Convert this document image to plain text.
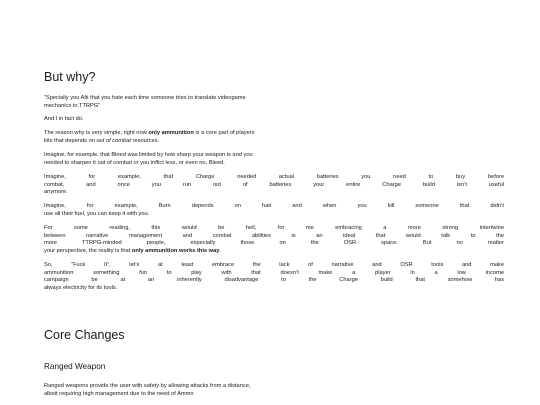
But why?

“Specially you Alti that you hate each time someone tries to translate videogame
mechanics to TTRPG”

And I in fact do.

The reason why is very simple, right now only ammunition is a core part of players
kits that depends on out of combat resources.

Imagine, for example, that Bleed was limited by how sharp your weapon is and you
needed to sharpen it out of combat or you inflict less, or even no, Bleed.

Imagine, for example, that Charge needed actual batteries you need to buy before
combat, and once you run out of batteries your entire Charge build isn’t useful
anymore.

Imagine, for example, Burn depends on fuel and when you kill someone that didn’t
use all their fuel, you can keep it with you.

For some reading, this would be hell, for me embracing a more strong intertwine
between narrative management and combat abilities is an ideal that would talk to the
more TTRPG-minded people, especially those on the OSR space. But no matter
your perspective, the reality is that only ammunition works this way.

So, “Fuck It”, let’s at least embrace the lack of narrative and OSR tools and make
ammunition something fun to play with that doesn’t make a player in a low income
campaign be at an inherently disadvantage to the Charge build that somehow has
always electricity for its tools.

Core Changes
Ranged Weapon

Ranged weapons provide the user with safety by allowing attacks from a distance,
albeit requiring high management due to the need of Ammo
